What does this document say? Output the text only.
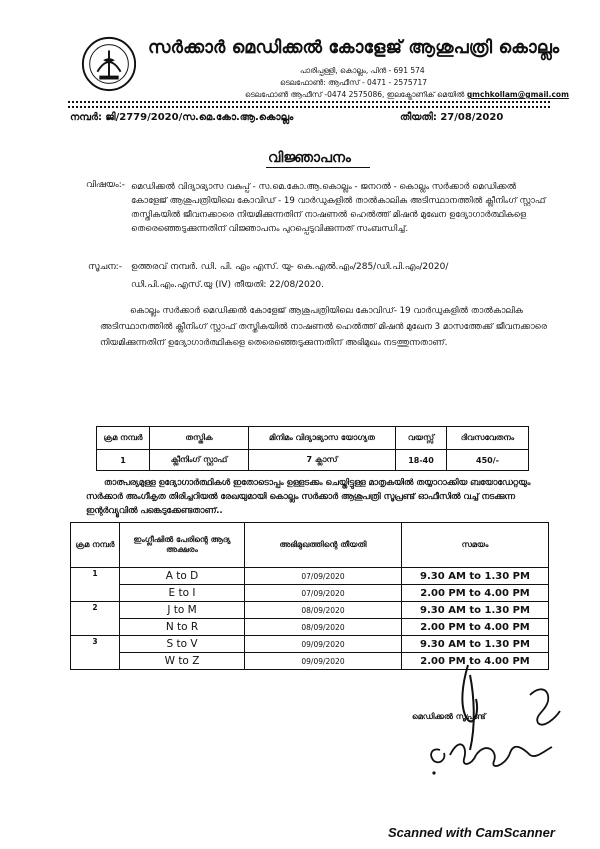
സർക്കാർ മെഡിക്കൽ കോളേജ് ആശുപത്രി കൊല്ലം
പാരിപ്പള്ളി, കൊല്ലം, പിൻ - 691 574
ടെലഫോൺ: ആഫീസ് - 0471 - 2575717
ടെലഫോൺ ആഫീസ് -0474 2575086, ഇലക്ട്രോണിക് മെയിൽ gmchkollam@gmail.com
നമ്പർ: ജി/2779/2020/സ.മെ.കോ.ആ.കൊല്ലം	തീയതി: 27/08/2020
വിജ്ഞാപനം
വിഷയം:- മെഡിക്കൽ വിദ്യാഭ്യാസ വകുപ്പ് - സ.മെ.കോ.ആ.കൊല്ലം - ജനറൽ - കൊല്ലം സർക്കാർ മെഡിക്കൽ കോളേജ് ആശുപത്രിയിലെ കോവിഡ് - 19 വാർഡുകളിൽ താൽകാലിക അടിസ്ഥാനത്തിൽ ക്ലീനിംഗ് സ്റ്റാഫ് തസ്തികയിൽ ജീവനക്കാരെ നിയമിക്കുന്നതിന് നാഷണൽ ഹെൽത്ത് മിഷൻ മുഖേന ഉദ്യോഗാർത്ഥികളെ തെരെഞ്ഞെടുക്കുന്നതിന് വിജ്ഞാപനം പുറപ്പെടുവിക്കുന്നത് സംബന്ധിച്ച്.
സൂചന:- ഉത്തരവ് നമ്പർ. ഡി. പി. എം എസ്. യു- കെ.എൽ.എം/285/ഡി.പി.എം/2020/
ഡി.പി.എം.എസ്.യു (IV) തീയതി: 22/08/2020.
കൊല്ലം സർക്കാർ മെഡിക്കൽ കോളേജ് ആശുപത്രിയിലെ കോവിഡ്- 19 വാർഡുകളിൽ താൽകാലിക അടിസ്ഥാനത്തിൽ ക്ലീനിംഗ് സ്റ്റാഫ് തസ്തികയിൽ നാഷണൽ ഹെൽത്ത് മിഷൻ മുഖേന 3 മാസത്തേക്ക് ജീവനക്കാരെ നിയമിക്കുന്നതിന് ഉദ്യോഗാർത്ഥികളെ തെരെഞ്ഞെടുക്കുന്നതിന് അഭിമുഖം നടത്തുന്നതാണ്.
ക്രമ നമ്പർ	തസ്തിക	മിനിമം വിദ്യാഭ്യാസ യോഗ്യത	വയസ്സ്	ദിവസവേതനം
1	ക്ലീനിംഗ് സ്റ്റാഫ്	7 ക്ലാസ്	18-40	450/-
താത്പര്യമുള്ള ഉദ്യോഗാർത്ഥികൾ ഇതോടൊപ്പം ഉള്ളടക്കം ചെയ്തിട്ടുള്ള മാതൃകയിൽ തയ്യാറാക്കിയ ബയോഡേറ്റയും സർക്കാർ അംഗീകൃത തിരിച്ചറിയൽ രേഖയുമായി കൊല്ലം സർക്കാർ ആശുപത്രി സൂപ്രണ്ട് ഓഫീസിൽ വച്ച് നടക്കുന്ന ഇന്റർവ്യൂവിൽ പങ്കെടുക്കേണ്ടതാണ്..
ക്രമ നമ്പർ	ഇംഗ്ലീഷിൽ പേരിന്റെ ആദ്യ അക്ഷരം	അഭിമുഖത്തിന്റെ തീയതി	സമയം
1	A to D	07/09/2020	9.30 AM to 1.30 PM
	E to I	07/09/2020	2.00 PM to 4.00 PM
2	J to M	08/09/2020	9.30 AM to 1.30 PM
	N to R	08/09/2020	2.00 PM to 4.00 PM
3	S to V	09/09/2020	9.30 AM to 1.30 PM
	W to Z	09/09/2020	2.00 PM to 4.00 PM
മെഡിക്കൽ സൂപ്രണ്ട്
Scanned with CamScanner
